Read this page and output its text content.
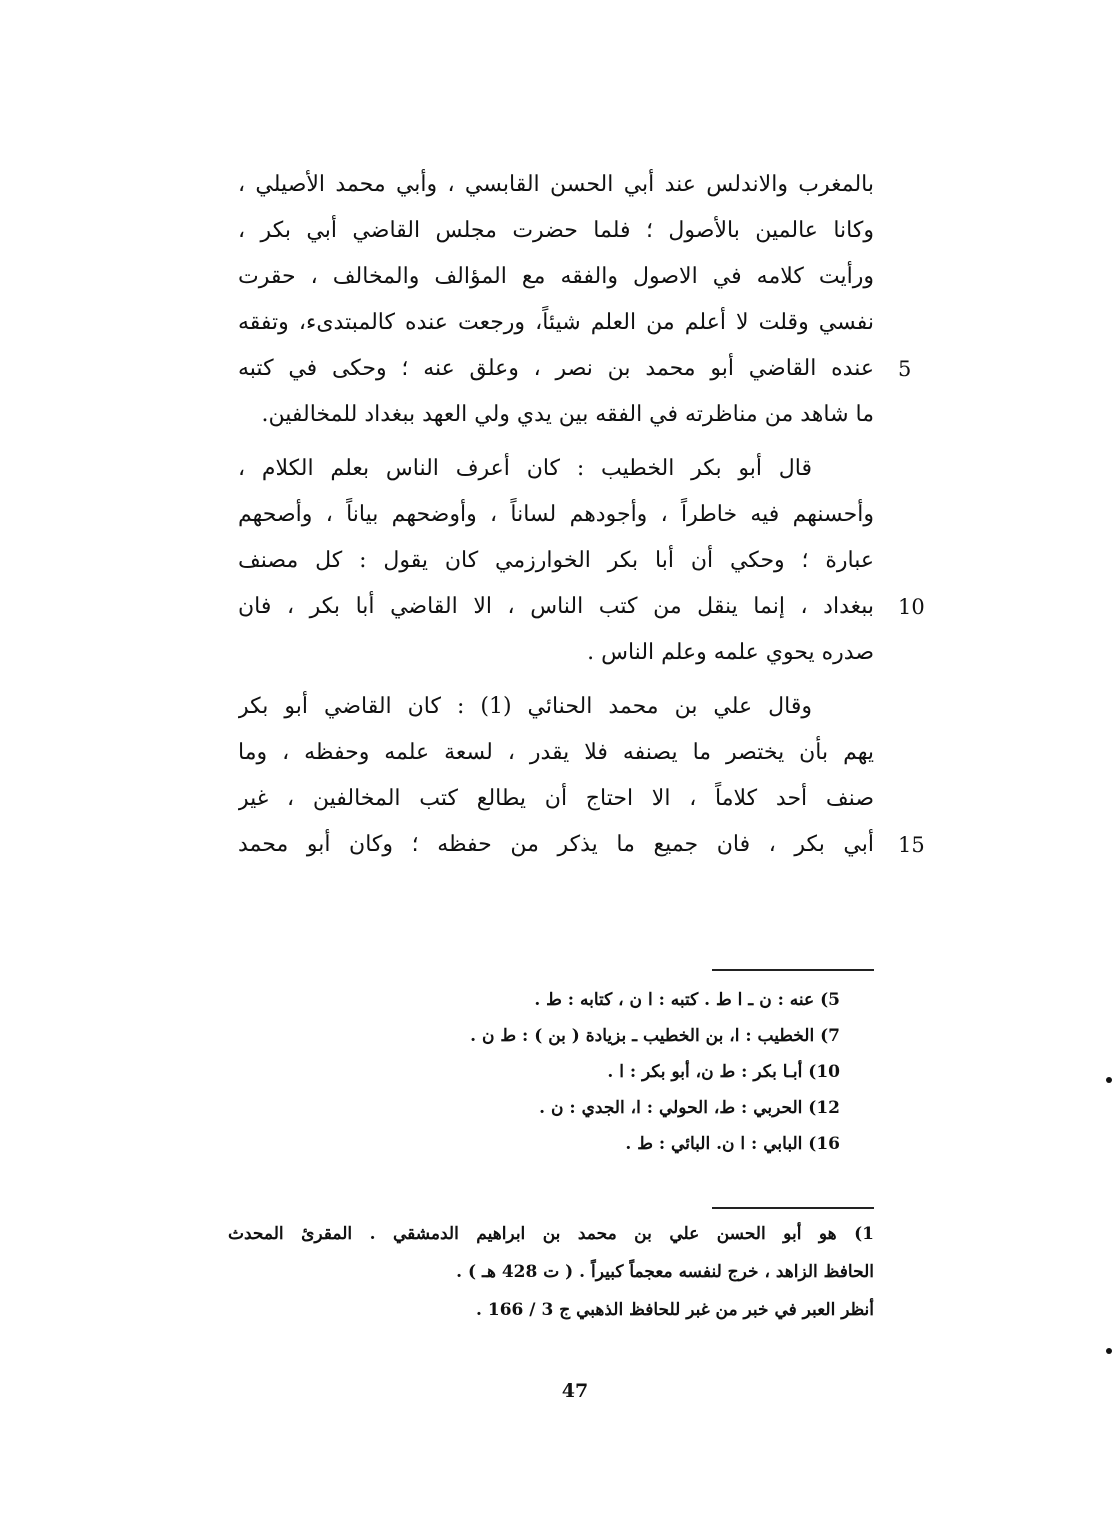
بالمغرب والاندلس عند أبي الحسن القابسي ، وأبي محمد الأصيلي ،
وكانا عالمين بالأصول ؛ فلما حضرت مجلس القاضي أبي بكر ،
ورأيت كلامه في الاصول والفقه مع المؤالف والمخالف ، حقرت
نفسي وقلت لا أعلم من العلم شيئاً، ورجعت عنده كالمبتدىء، وتفقه
عنده القاضي أبو محمد بن نصر ، وعلق عنه ؛ وحكى في كتبه
ما شاهد من مناظرته في الفقه بين يدي ولي العهد ببغداد للمخالفين.
قال أبو بكر الخطيب : كان أعرف الناس بعلم الكلام ،
وأحسنهم فيه خاطراً ، وأجودهم لساناً ، وأوضحهم بياناً ، وأصحهم
عبارة ؛ وحكي أن أبا بكر الخوارزمي كان يقول : كل مصنف
ببغداد ، إنما ينقل من كتب الناس ، الا القاضي أبا بكر ، فان
صدره يحوي علمه وعلم الناس .
وقال علي بن محمد الحنائي (1) : كان القاضي أبو بكر
يهم بأن يختصر ما يصنفه فلا يقدر ، لسعة علمه وحفظه ، وما
صنف أحد كلاماً ، الا احتاج أن يطالع كتب المخالفين ، غير
أبي بكر ، فان جميع ما يذكر من حفظه ؛ وكان أبو محمد
5
10
15
5) عنه : ن ـ ا ط . كتبه : ا ن ، كتابه : ط .
7) الخطيب : ا، بن الخطيب ـ بزيادة ( بن ) : ط ن .
10) أبـا بكر : ط ن، أبو بكر : ا .
12) الحربي : ط، الحولي : ا، الجدي : ن .
16) البابي : ا ن. البائي : ط .
1) هو أبو الحسن علي بن محمد بن ابراهيم الدمشقي . المقرئ المحدث
الحافظ الزاهد ، خرج لنفسه معجماً كبيراً . ( ت 428 هـ ) .
أنظر العبر في خبر من غبر للحافظ الذهبي ج 3 / 166 .
47
